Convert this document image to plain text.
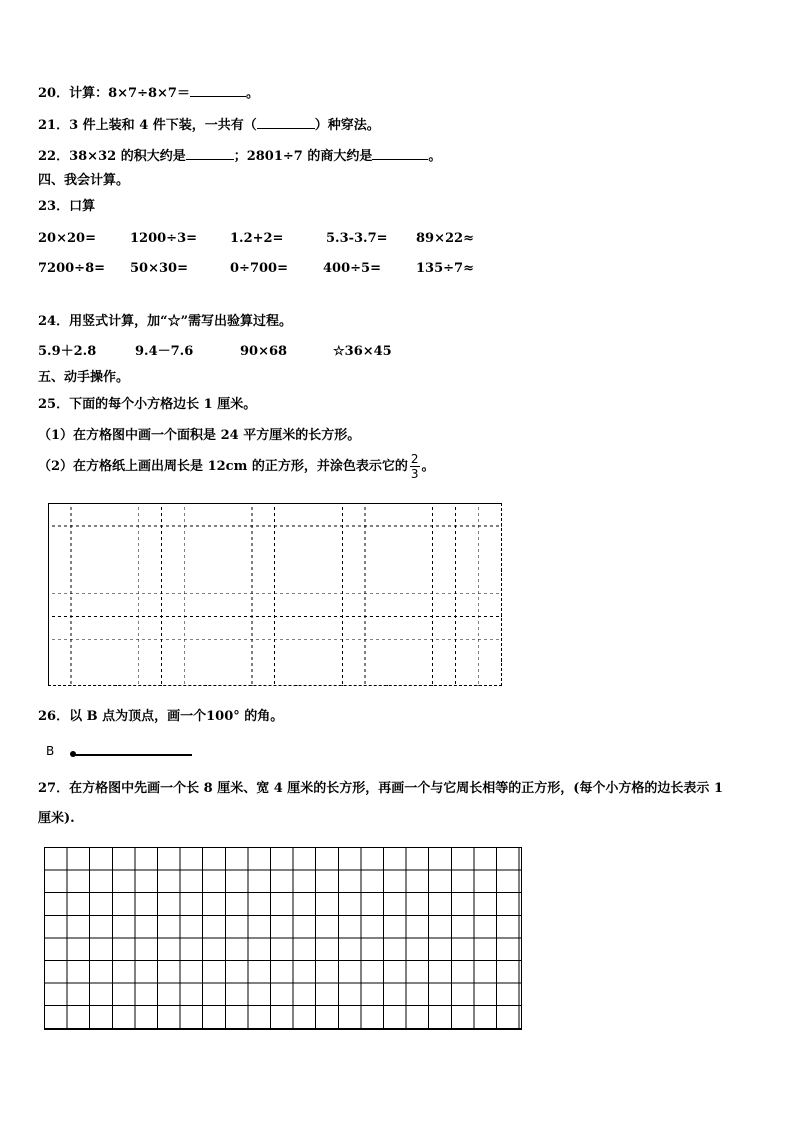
20．计算：8×7÷8×7＝	。
21．3 件上装和 4 件下装，一共有（	）种穿法。
22．38×32 的积大约是	；2801÷7 的商大约是	。
四、我会计算。
23．口算
20×20=	1200÷3=	1.2+2=	5.3-3.7= 89×22≈
7200÷8= 50×30=	0÷700=	400÷5=	135÷7≈
24．用竖式计算，加“☆”需写出验算过程。
5.9＋2.8	9.4－7.6	90×68	☆36×45
五、动手操作。
25．下面的每个小方格边长 1 厘米。
（1）在方格图中画一个面积是 24 平方厘米的长方形。
（2）在方格纸上画出周长是 12cm 的正方形，并涂色表示它的 $\frac{2}{3}$ 。
26．以 B 点为顶点，画一个100° 的角。
B
27．在方格图中先画一个长 8 厘米、宽 4 厘米的长方形，再画一个与它周长相等的正方形，(每个小方格的边长表示 1
厘米).
